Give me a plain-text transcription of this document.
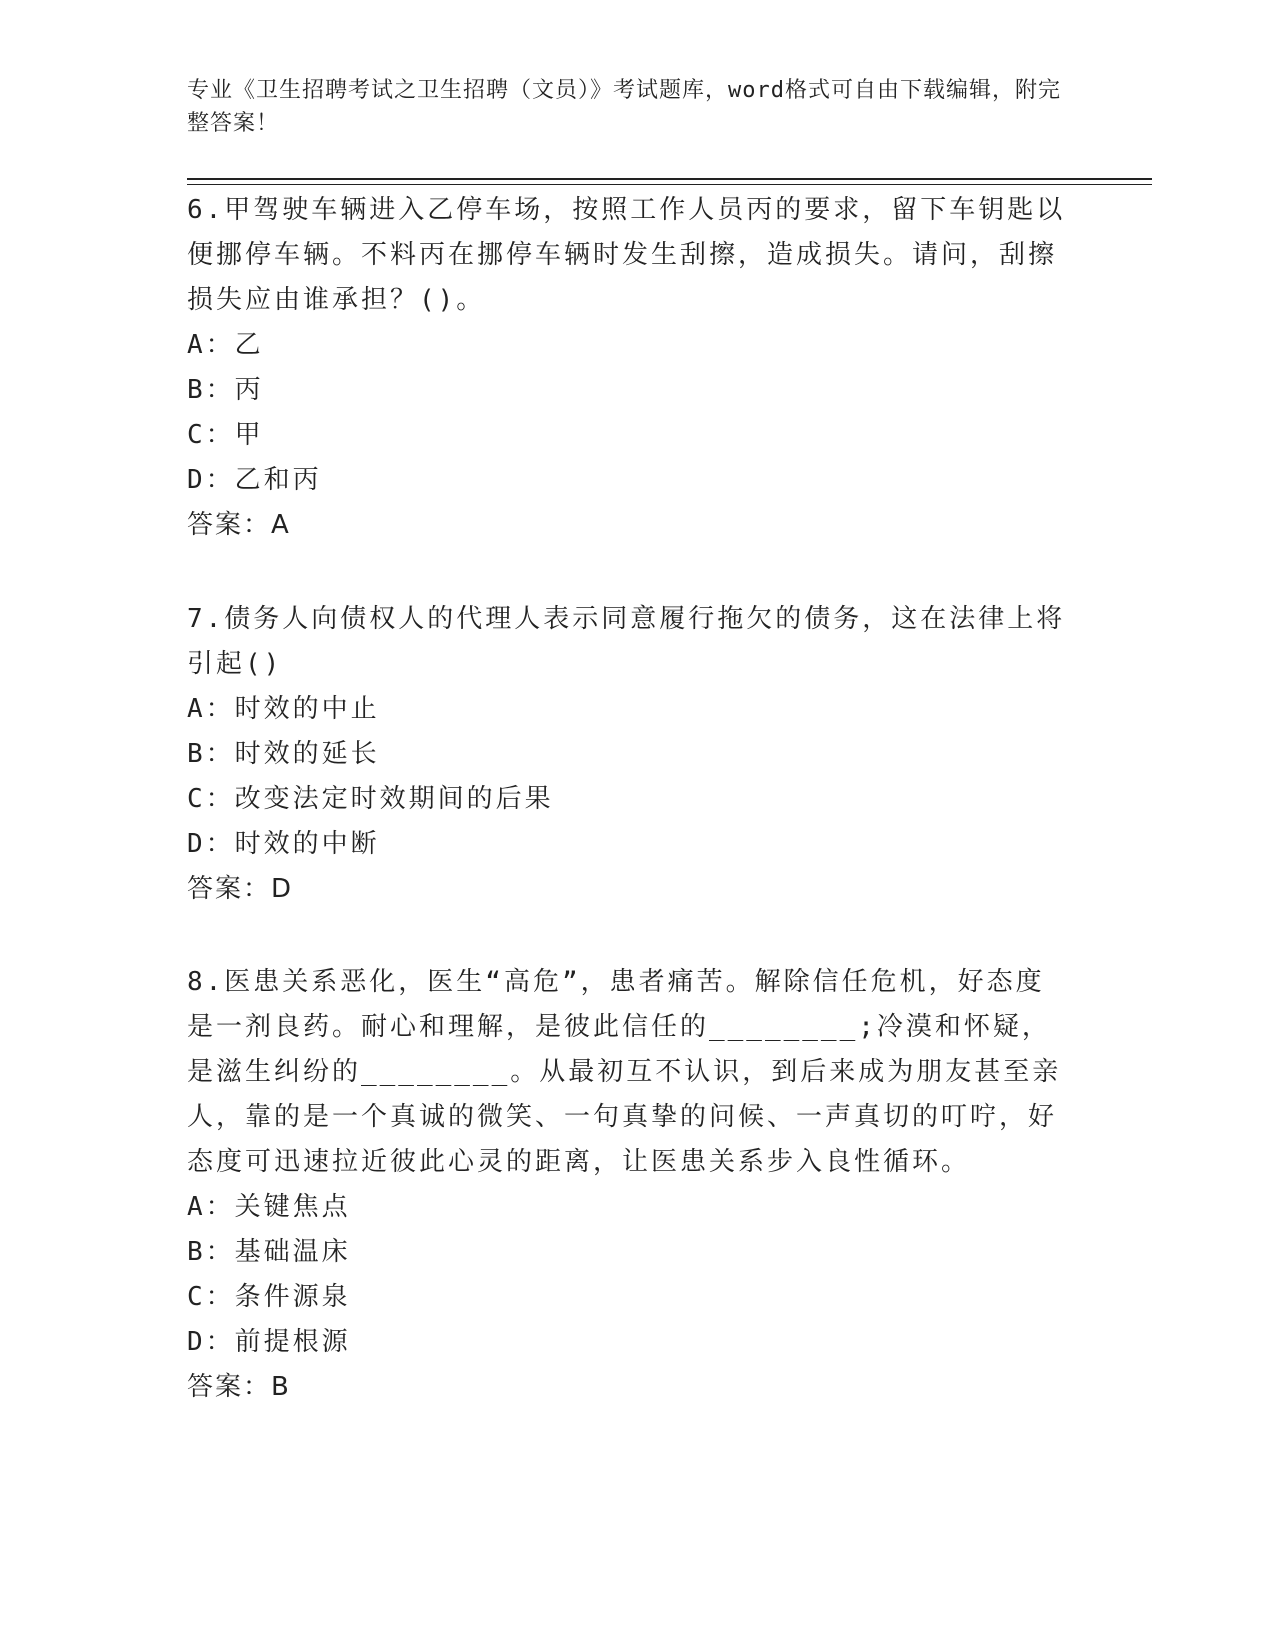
专业《卫生招聘考试之卫生招聘（文员）》考试题库，word格式可自由下载编辑，附完整答案！

6.甲驾驶车辆进入乙停车场，按照工作人员丙的要求，留下车钥匙以便挪停车辆。不料丙在挪停车辆时发生刮擦，造成损失。请问，刮擦损失应由谁承担？()。

A：乙

B：丙

C：甲

D：乙和丙

答案：A

7.债务人向债权人的代理人表示同意履行拖欠的债务，这在法律上将引起()

A：时效的中止

B：时效的延长

C：改变法定时效期间的后果

D：时效的中断

答案：D

8.医患关系恶化，医生“高危”，患者痛苦。解除信任危机，好态度是一剂良药。耐心和理解，是彼此信任的________;冷漠和怀疑，是滋生纠纷的________。从最初互不认识，到后来成为朋友甚至亲人，靠的是一个真诚的微笑、一句真挚的问候、一声真切的叮咛，好态度可迅速拉近彼此心灵的距离，让医患关系步入良性循环。

A：关键焦点

B：基础温床

C：条件源泉

D：前提根源

答案：B
